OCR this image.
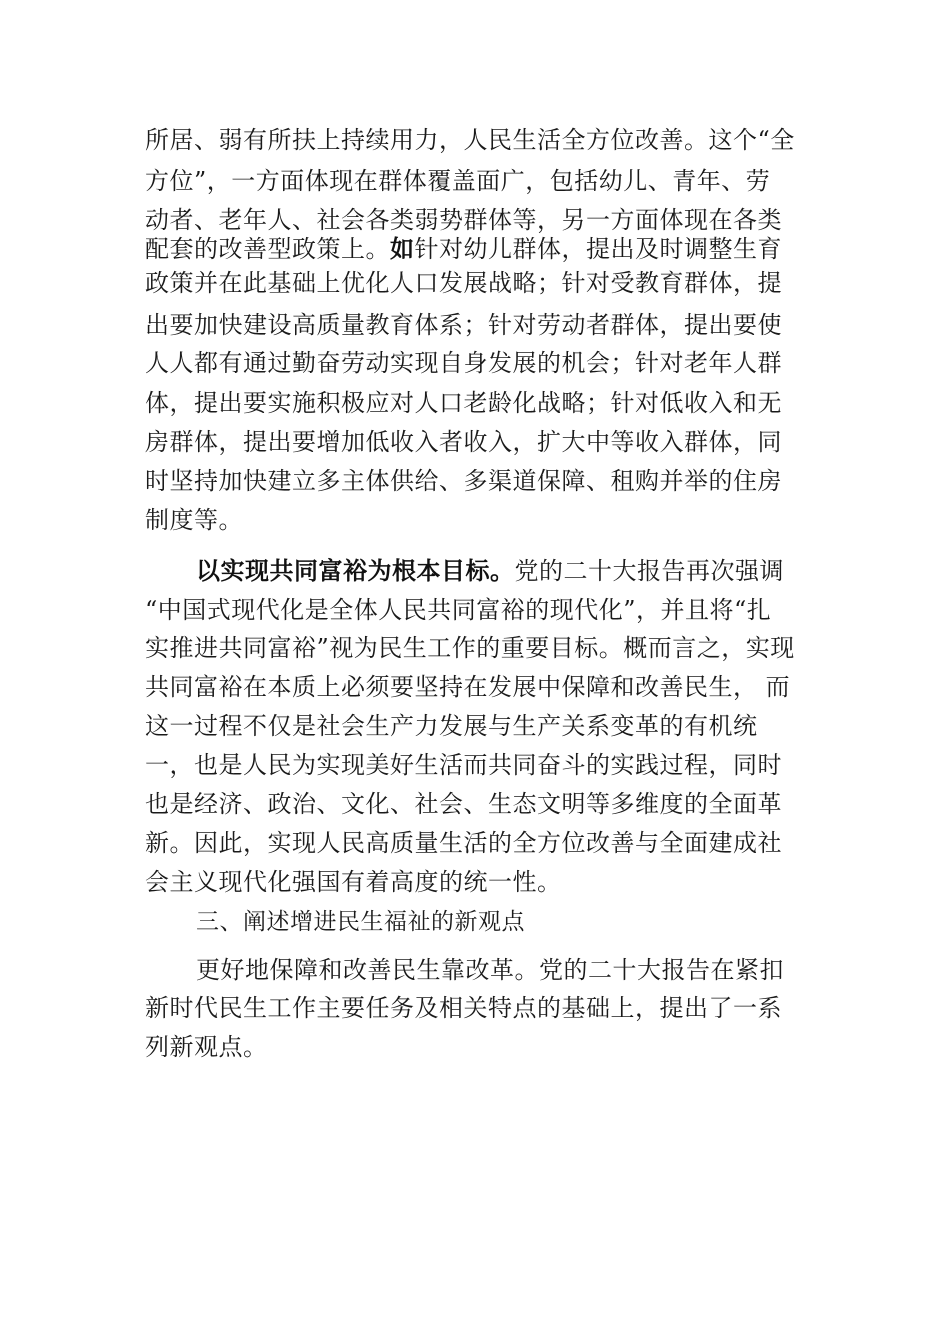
所居、弱有所扶上持续用力，人民生活全方位改善。这个“全
方位”，一方面体现在群体覆盖面广，包括幼儿、青年、劳
动者、老年人、社会各类弱势群体等，另一方面体现在各类
配套的改善型政策上。如针对幼儿群体，提出及时调整生育
政策并在此基础上优化人口发展战略；针对受教育群体，提
出要加快建设高质量教育体系；针对劳动者群体，提出要使
人人都有通过勤奋劳动实现自身发展的机会；针对老年人群
体，提出要实施积极应对人口老龄化战略；针对低收入和无
房群体，提出要增加低收入者收入，扩大中等收入群体，同
时坚持加快建立多主体供给、多渠道保障、租购并举的住房
制度等。
以实现共同富裕为根本目标。党的二十大报告再次强调
“中国式现代化是全体人民共同富裕的现代化”，并且将“扎
实推进共同富裕”视为民生工作的重要目标。概而言之，实现
共同富裕在本质上必须要坚持在发展中保障和改善民生， 而
这一过程不仅是社会生产力发展与生产关系变革的有机统
一，也是人民为实现美好生活而共同奋斗的实践过程，同时
也是经济、政治、文化、社会、生态文明等多维度的全面革
新。因此，实现人民高质量生活的全方位改善与全面建成社
会主义现代化强国有着高度的统一性。
三、阐述增进民生福祉的新观点
更好地保障和改善民生靠改革。党的二十大报告在紧扣
新时代民生工作主要任务及相关特点的基础上，提出了一系
列新观点。
